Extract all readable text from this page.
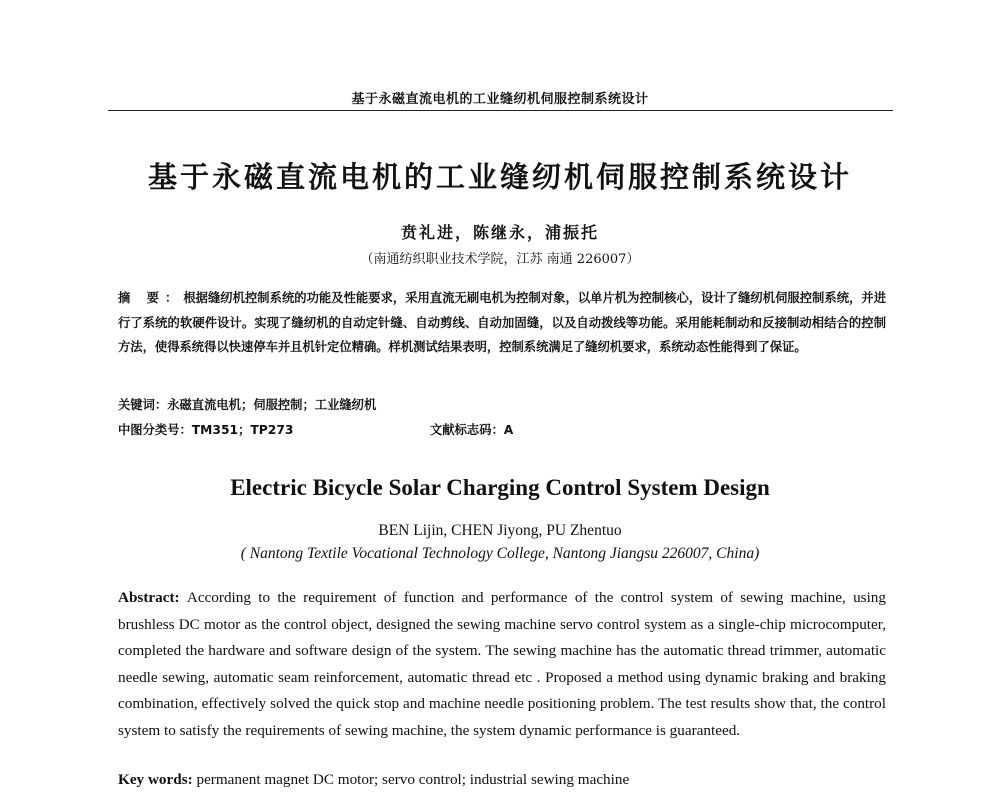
基于永磁直流电机的工业缝纫机伺服控制系统设计
基于永磁直流电机的工业缝纫机伺服控制系统设计
贲礼进，陈继永，浦振托
（南通纺织职业技术学院，江苏 南通 226007）
摘 要：根据缝纫机控制系统的功能及性能要求，采用直流无刷电机为控制对象，以单片机为控制核心，设计了缝纫机伺服控制系统，并进行了系统的软硬件设计。实现了缝纫机的自动定针缝、自动剪线、自动加固缝，以及自动拨线等功能。采用能耗制动和反接制动相结合的控制方法，使得系统得以快速停车并且机针定位精确。样机测试结果表明，控制系统满足了缝纫机要求，系统动态性能得到了保证。
关键词：永磁直流电机；伺服控制；工业缝纫机
中图分类号：TM351；TP273	文献标志码：A
Electric Bicycle Solar Charging Control System Design
BEN Lijin, CHEN Jiyong, PU Zhentuo
( Nantong Textile Vocational Technology College, Nantong Jiangsu 226007, China)
Abstract: According to the requirement of function and performance of the control system of sewing machine, using brushless DC motor as the control object, designed the sewing machine servo control system as a single-chip microcomputer, completed the hardware and software design of the system. The sewing machine has the automatic thread trimmer, automatic needle sewing, automatic seam reinforcement, automatic thread etc . Proposed a method using dynamic braking and braking combination, effectively solved the quick stop and machine needle positioning problem. The test results show that, the control system to satisfy the requirements of sewing machine, the system dynamic performance is guaranteed.
Key words: permanent magnet DC motor; servo control; industrial sewing machine
